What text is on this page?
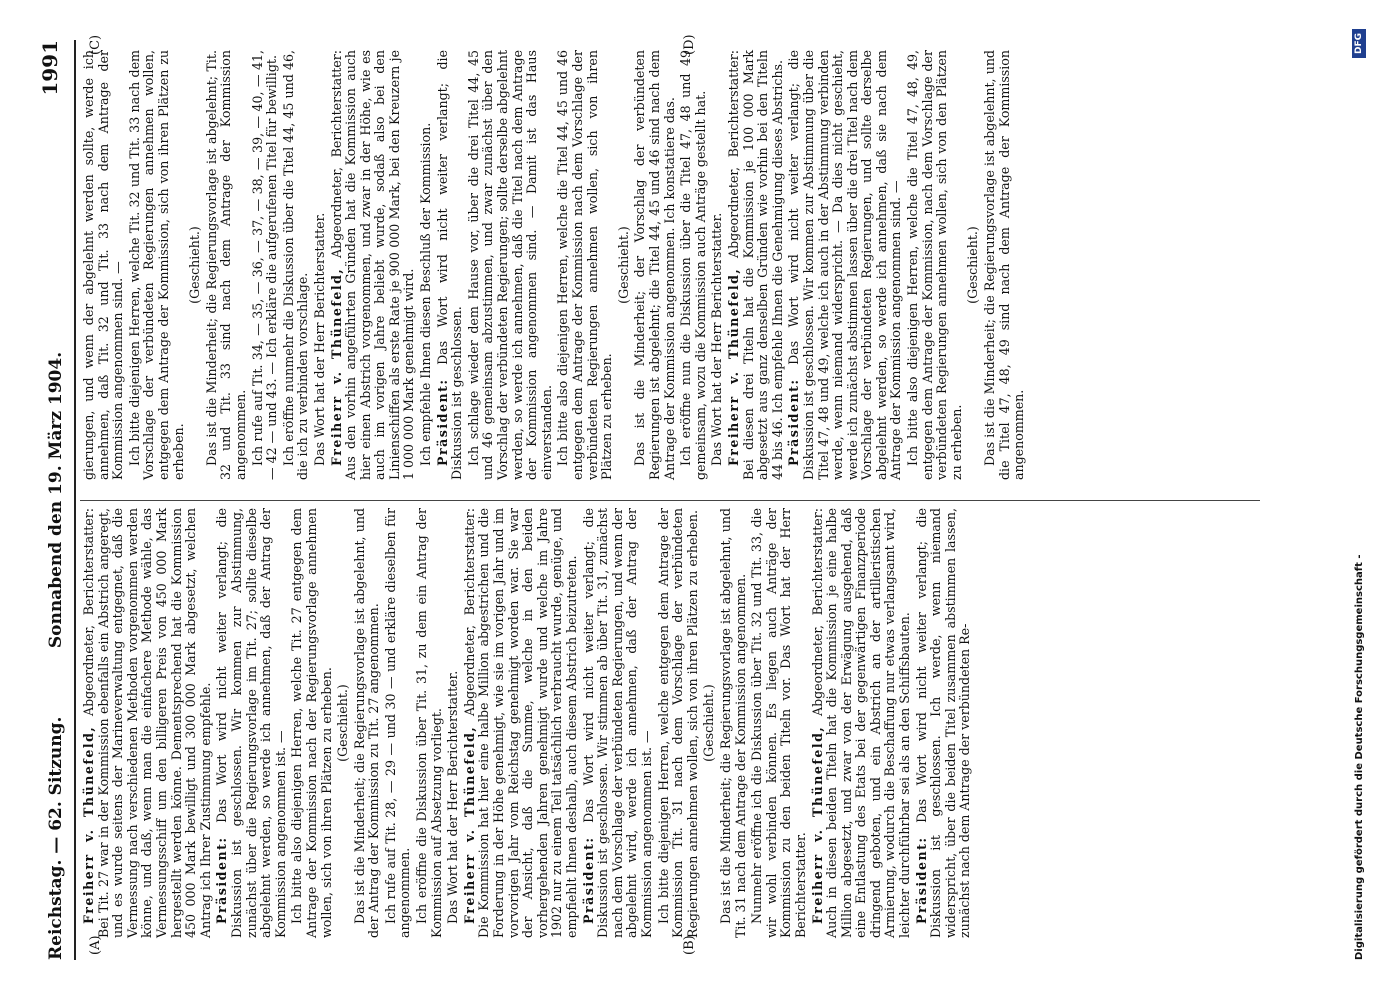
Reichstag. — 62. Sitzung.
Sonnabend den 19. März 1904.
1991
(A)	(B)
(C)	(D)

Freiherr v. Thünefeld, Abgeordneter, Berichterstatter: Bei Tit. 27 war in der Kommission ebenfalls ein Abstrich angeregt, und es wurde seitens der Marineverwaltung entgegnet, daß die Vermessung nach verschiedenen Methoden vorgenommen werden könne, und daß, wenn man die einfachere Methode wähle, das Vermessungsschiff um den billigeren Preis von 450 000 Mark hergestellt werden könne. Dementsprechend hat die Kommission 450 000 Mark bewilligt und 300 000 Mark abgesetzt, welchen Antrag ich Ihrer Zustimmung empfehle. Präsident: Das Wort wird nicht weiter verlangt; die Diskussion ist geschlossen. Wir kommen zur Abstimmung, zunächst über die Regierungsvorlage im Tit. 27; sollte dieselbe abgelehnt werden, so werde ich annehmen, daß der Antrag der Kommission angenommen ist. — Ich bitte also diejenigen Herren, welche Tit. 27 entgegen dem Antrage der Kommission nach der Regierungsvorlage annehmen wollen, sich von ihren Plätzen zu erheben. (Geschieht.) Das ist die Minderheit; die Regierungsvorlage ist abgelehnt, und der Antrag der Kommission zu Tit. 27 angenommen. Ich rufe auf Tit. 28, — 29 — und 30 — und erkläre dieselben für angenommen. Ich eröffne die Diskussion über Tit. 31, zu dem ein Antrag der Kommission auf Absetzung vorliegt. Das Wort hat der Herr Berichterstatter. Freiherr v. Thünefeld, Abgeordneter, Berichterstatter: Die Kommission hat hier eine halbe Million abgestrichen und die Forderung in der Höhe genehmigt, wie sie im vorigen Jahr und im vorvorigen Jahr vom Reichstag genehmigt worden war. Sie war der Ansicht, daß die Summe, welche in den beiden vorhergehenden Jahren genehmigt wurde und welche im Jahre 1902 nur zu einem Teil tatsächlich verbraucht wurde, genüge, und empfiehlt Ihnen deshalb, auch diesem Abstrich beizutreten. Präsident: Das Wort wird nicht weiter verlangt; die Diskussion ist geschlossen. Wir stimmen ab über Tit. 31, zunächst nach dem Vorschlage der verbündeten Regierungen, und wenn der abgelehnt wird, werde ich annehmen, daß der Antrag der Kommission angenommen ist. — Ich bitte diejenigen Herren, welche entgegen dem Antrage der Kommission Tit. 31 nach dem Vorschlage der verbündeten Regierungen annehmen wollen, sich von ihren Plätzen zu erheben. (Geschieht.) Das ist die Minderheit; die Regierungsvorlage ist abgelehnt, und Tit. 31 nach dem Antrage der Kommission angenommen. Nunmehr eröffne ich die Diskussion über Tit. 32 und Tit. 33, die wir wohl verbinden können. Es liegen auch Anträge der Kommission zu den beiden Titeln vor. Das Wort hat der Herr Berichterstatter. Freiherr v. Thünefeld, Abgeordneter, Berichterstatter: Auch in diesen beiden Titeln hat die Kommission je eine halbe Million abgesetzt, und zwar von der Erwägung ausgehend, daß eine Entlastung des Etats bei der gegenwärtigen Finanzperiode dringend geboten, und ein Abstrich an der artilleristischen Armierung, wodurch die Beschaffung nur etwas verlangsamt wird, leichter durchführbar sei als an den Schiffsbauten. Präsident: Das Wort wird nicht weiter verlangt; die Diskussion ist geschlossen. Ich werde, wenn niemand widerspricht, über die beiden Titel zusammen abstimmen lassen, zunächst nach dem Antrage der verbündeten Re-

gierungen, und wenn der abgelehnt werden sollte, werde ich annehmen, daß Tit. 32 und Tit. 33 nach dem Antrage der Kommission angenommen sind. — Ich bitte diejenigen Herren, welche Tit. 32 und Tit. 33 nach dem Vorschlage der verbündeten Regierungen annehmen wollen, entgegen dem Antrage der Kommission, sich von ihren Plätzen zu erheben.

(Geschieht.) Das ist die Minderheit; die Regierungsvorlage ist abgelehnt; Tit. 32 und Tit. 33 sind nach dem Antrage der Kommission angenommen. Ich rufe auf Tit. 34, — 35, — 36, — 37, — 38, — 39, — 40, — 41, — 42 — und 43. — Ich erkläre die aufgerufenen Titel für bewilligt. Ich eröffne nunmehr die Diskussion über die Titel 44, 45 und 46, die ich zu verbinden vorschlage. Das Wort hat der Herr Berichterstatter. Freiherr v. Thünefeld, Abgeordneter, Berichterstatter: Aus den vorhin angeführten Gründen hat die Kommission auch hier einen Abstrich vorgenommen, und zwar in der Höhe, wie es auch im vorigen Jahre beliebt wurde, sodaß also bei den Linienschiffen als erste Rate je 900 000 Mark, bei den Kreuzern je 1 000 000 Mark genehmigt wird. Ich empfehle Ihnen diesen Beschluß der Kommission. Präsident: Das Wort wird nicht weiter verlangt; die Diskussion ist geschlossen. Ich schlage wieder dem Hause vor, über die drei Titel 44, 45 und 46 gemeinsam abzustimmen, und zwar zunächst über den Vorschlag der verbündeten Regierungen; sollte derselbe abgelehnt werden, so werde ich annehmen, daß die Titel nach dem Antrage der Kommission angenommen sind. — Damit ist das Haus einverstanden. Ich bitte also diejenigen Herren, welche die Titel 44, 45 und 46 entgegen dem Antrage der Kommission nach dem Vorschlage der verbündeten Regierungen annehmen wollen, sich von ihren Plätzen zu erheben.

(Geschieht.) Das ist die Minderheit; der Vorschlag der verbündeten Regierungen ist abgelehnt; die Titel 44, 45 und 46 sind nach dem Antrage der Kommission angenommen. Ich konstatiere das. Ich eröffne nun die Diskussion über die Titel 47, 48 und 49 gemeinsam, wozu die Kommission auch Anträge gestellt hat. Das Wort hat der Herr Berichterstatter. Freiherr v. Thünefeld, Abgeordneter, Berichterstatter: Bei diesen drei Titeln hat die Kommission je 100 000 Mark abgesetzt aus ganz denselben Gründen wie vorhin bei den Titeln 44 bis 46. Ich empfehle Ihnen die Genehmigung dieses Abstrichs. Präsident: Das Wort wird nicht weiter verlangt; die Diskussion ist geschlossen. Wir kommen zur Abstimmung über die Titel 47, 48 und 49, welche ich auch in der Abstimmung verbinden werde, wenn niemand widerspricht. — Da dies nicht geschieht, werde ich zunächst abstimmen lassen über die drei Titel nach dem Vorschlage der verbündeten Regierungen, und sollte derselbe abgelehnt werden, so werde ich annehmen, daß sie nach dem Antrage der Kommission angenommen sind. — Ich bitte also diejenigen Herren, welche die Titel 47, 48, 49, entgegen dem Antrage der Kommission, nach dem Vorschlage der verbündeten Regierungen annehmen wollen, sich von den Plätzen zu erheben.

(Geschieht.) Das ist die Minderheit; die Regierungsvorlage ist abgelehnt, und die Titel 47, 48, 49 sind nach dem Antrage der Kommission angenommen.

Digitalisierung gefördert durch die Deutsche Forschungsgemeinschaft -
DFG
